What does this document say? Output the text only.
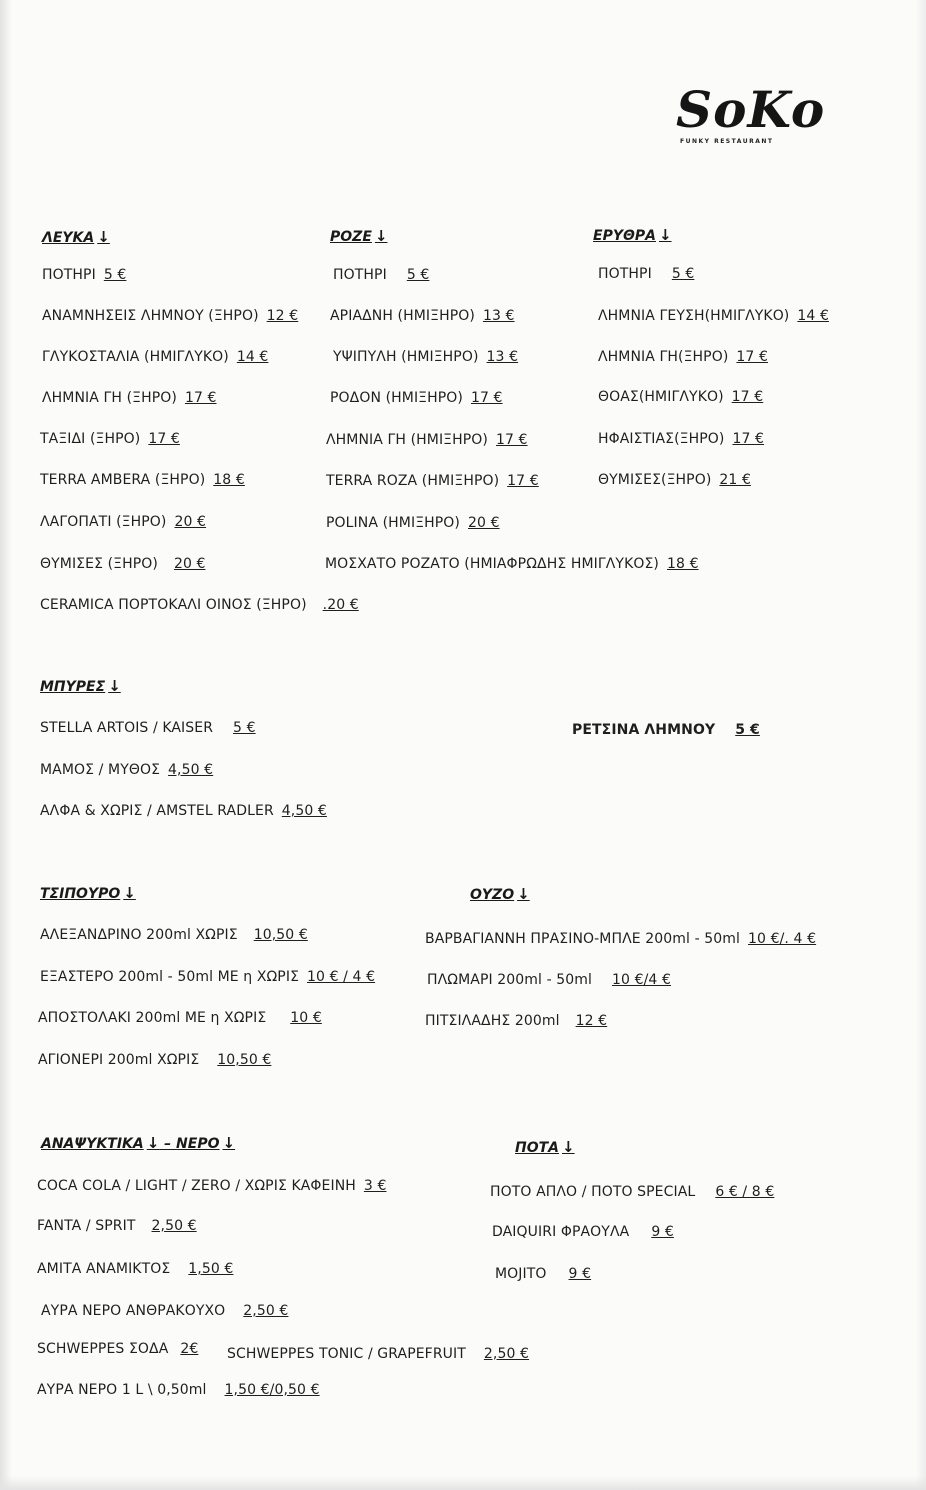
SoKo
FUNKY RESTAURANT
ΛΕΥΚΑ ↓
ΠΟΤΗΡΙ 5 €
ΑΝΑΜΝΗΣΕΙΣ ΛΗΜΝΟΥ (ΞΗΡΟ) 12 €
ΓΛΥΚΟΣΤΑΛΙΑ (ΗΜΙΓΛΥΚΟ) 14 €
ΛΗΜΝΙΑ ΓΗ (ΞΗΡΟ) 17 €
ΤΑΞΙΔΙ (ΞΗΡΟ) 17 €
TERRA AMBERA (ΞΗΡΟ) 18 €
ΛΑΓΟΠΑΤΙ (ΞΗΡΟ) 20 €
ΘΥΜΙΣΕΣ (ΞΗΡΟ) 20 €
CERAMICA ΠΟΡΤΟΚΑΛΙ ΟΙΝΟΣ (ΞΗΡΟ) .20 €
ΡΟΖΕ ↓
ΠΟΤΗΡΙ 5 €
ΑΡΙΑΔΝΗ (ΗΜΙΞΗΡΟ) 13 €
ΥΨΙΠΥΛΗ (ΗΜΙΞΗΡΟ) 13 €
ΡΟΔΟΝ (ΗΜΙΞΗΡΟ) 17 €
ΛΗΜΝΙΑ ΓΗ (ΗΜΙΞΗΡΟ) 17 €
TERRA ROZA (ΗΜΙΞΗΡΟ) 17 €
POLINA (ΗΜΙΞΗΡΟ) 20 €
ΜΟΣΧΑΤΟ ΡΟΖΑΤΟ (ΗΜΙΑΦΡΩΔΗΣ ΗΜΙΓΛΥΚΟΣ) 18 €
ΕΡΥΘΡΑ ↓
ΠΟΤΗΡΙ 5 €
ΛΗΜΝΙΑ ΓΕΥΣΗ(ΗΜΙΓΛΥΚΟ) 14 €
ΛΗΜΝΙΑ ΓΗ(ΞΗΡΟ) 17 €
ΘΟΑΣ(ΗΜΙΓΛΥΚΟ) 17 €
ΗΦΑΙΣΤΙΑΣ(ΞΗΡΟ) 17 €
ΘΥΜΙΣΕΣ(ΞΗΡΟ) 21 €
ΜΠΥΡΕΣ ↓
STELLA ARTOIS / KAISER 5 €
ΜΑΜΟΣ / ΜΥΘΟΣ 4,50 €
ΑΛΦΑ & ΧΩΡΙΣ / AMSTEL RADLER 4,50 €
ΡΕΤΣΙΝΑ ΛΗΜΝΟΥ 5 €
ΤΣΙΠΟΥΡΟ ↓
ΑΛΕΞΑΝΔΡΙΝΟ 200ml ΧΩΡΙΣ 10,50 €
ΕΞΑΣΤΕΡΟ 200ml - 50ml ΜΕ η ΧΩΡΙΣ 10 € / 4 €
ΑΠΟΣΤΟΛΑΚΙ 200ml ΜΕ η ΧΩΡΙΣ 10 €
ΑΓΙΟΝΕΡΙ 200ml ΧΩΡΙΣ 10,50 €
ΟΥΖΟ ↓
ΒΑΡΒΑΓΙΑΝΝΗ ΠΡΑΣΙΝΟ-ΜΠΛΕ 200ml - 50ml 10 €/. 4 €
ΠΛΩΜΑΡΙ 200ml - 50ml 10 €/4 €
ΠΙΤΣΙΛΑΔΗΣ 200ml 12 €
ΑΝΑΨΥΚΤΙΚΑ ↓ – ΝΕΡΟ ↓
COCA COLA / LIGHT / ZERO / ΧΩΡΙΣ ΚΑΦΕΙΝΗ 3 €
FANTA / SPRIT 2,50 €
ΑΜΙΤΑ ΑΝΑΜΙΚΤΟΣ 1,50 €
ΑΥΡΑ ΝΕΡΟ ΑΝΘΡΑΚΟΥΧΟ 2,50 €
SCHWEPPES ΣΟΔΑ 2€ SCHWEPPES TONIC / GRAPEFRUIT 2,50 €
ΑΥΡΑ ΝΕΡΟ 1 L \ 0,50ml 1,50 €/0,50 €
ΠΟΤΑ ↓
ΠΟΤΟ ΑΠΛΟ / ΠΟΤΟ SPECIAL 6 € / 8 €
DAIQUIRI ΦΡΑΟΥΛΑ 9 €
ΜΟJΙΤΟ 9 €
